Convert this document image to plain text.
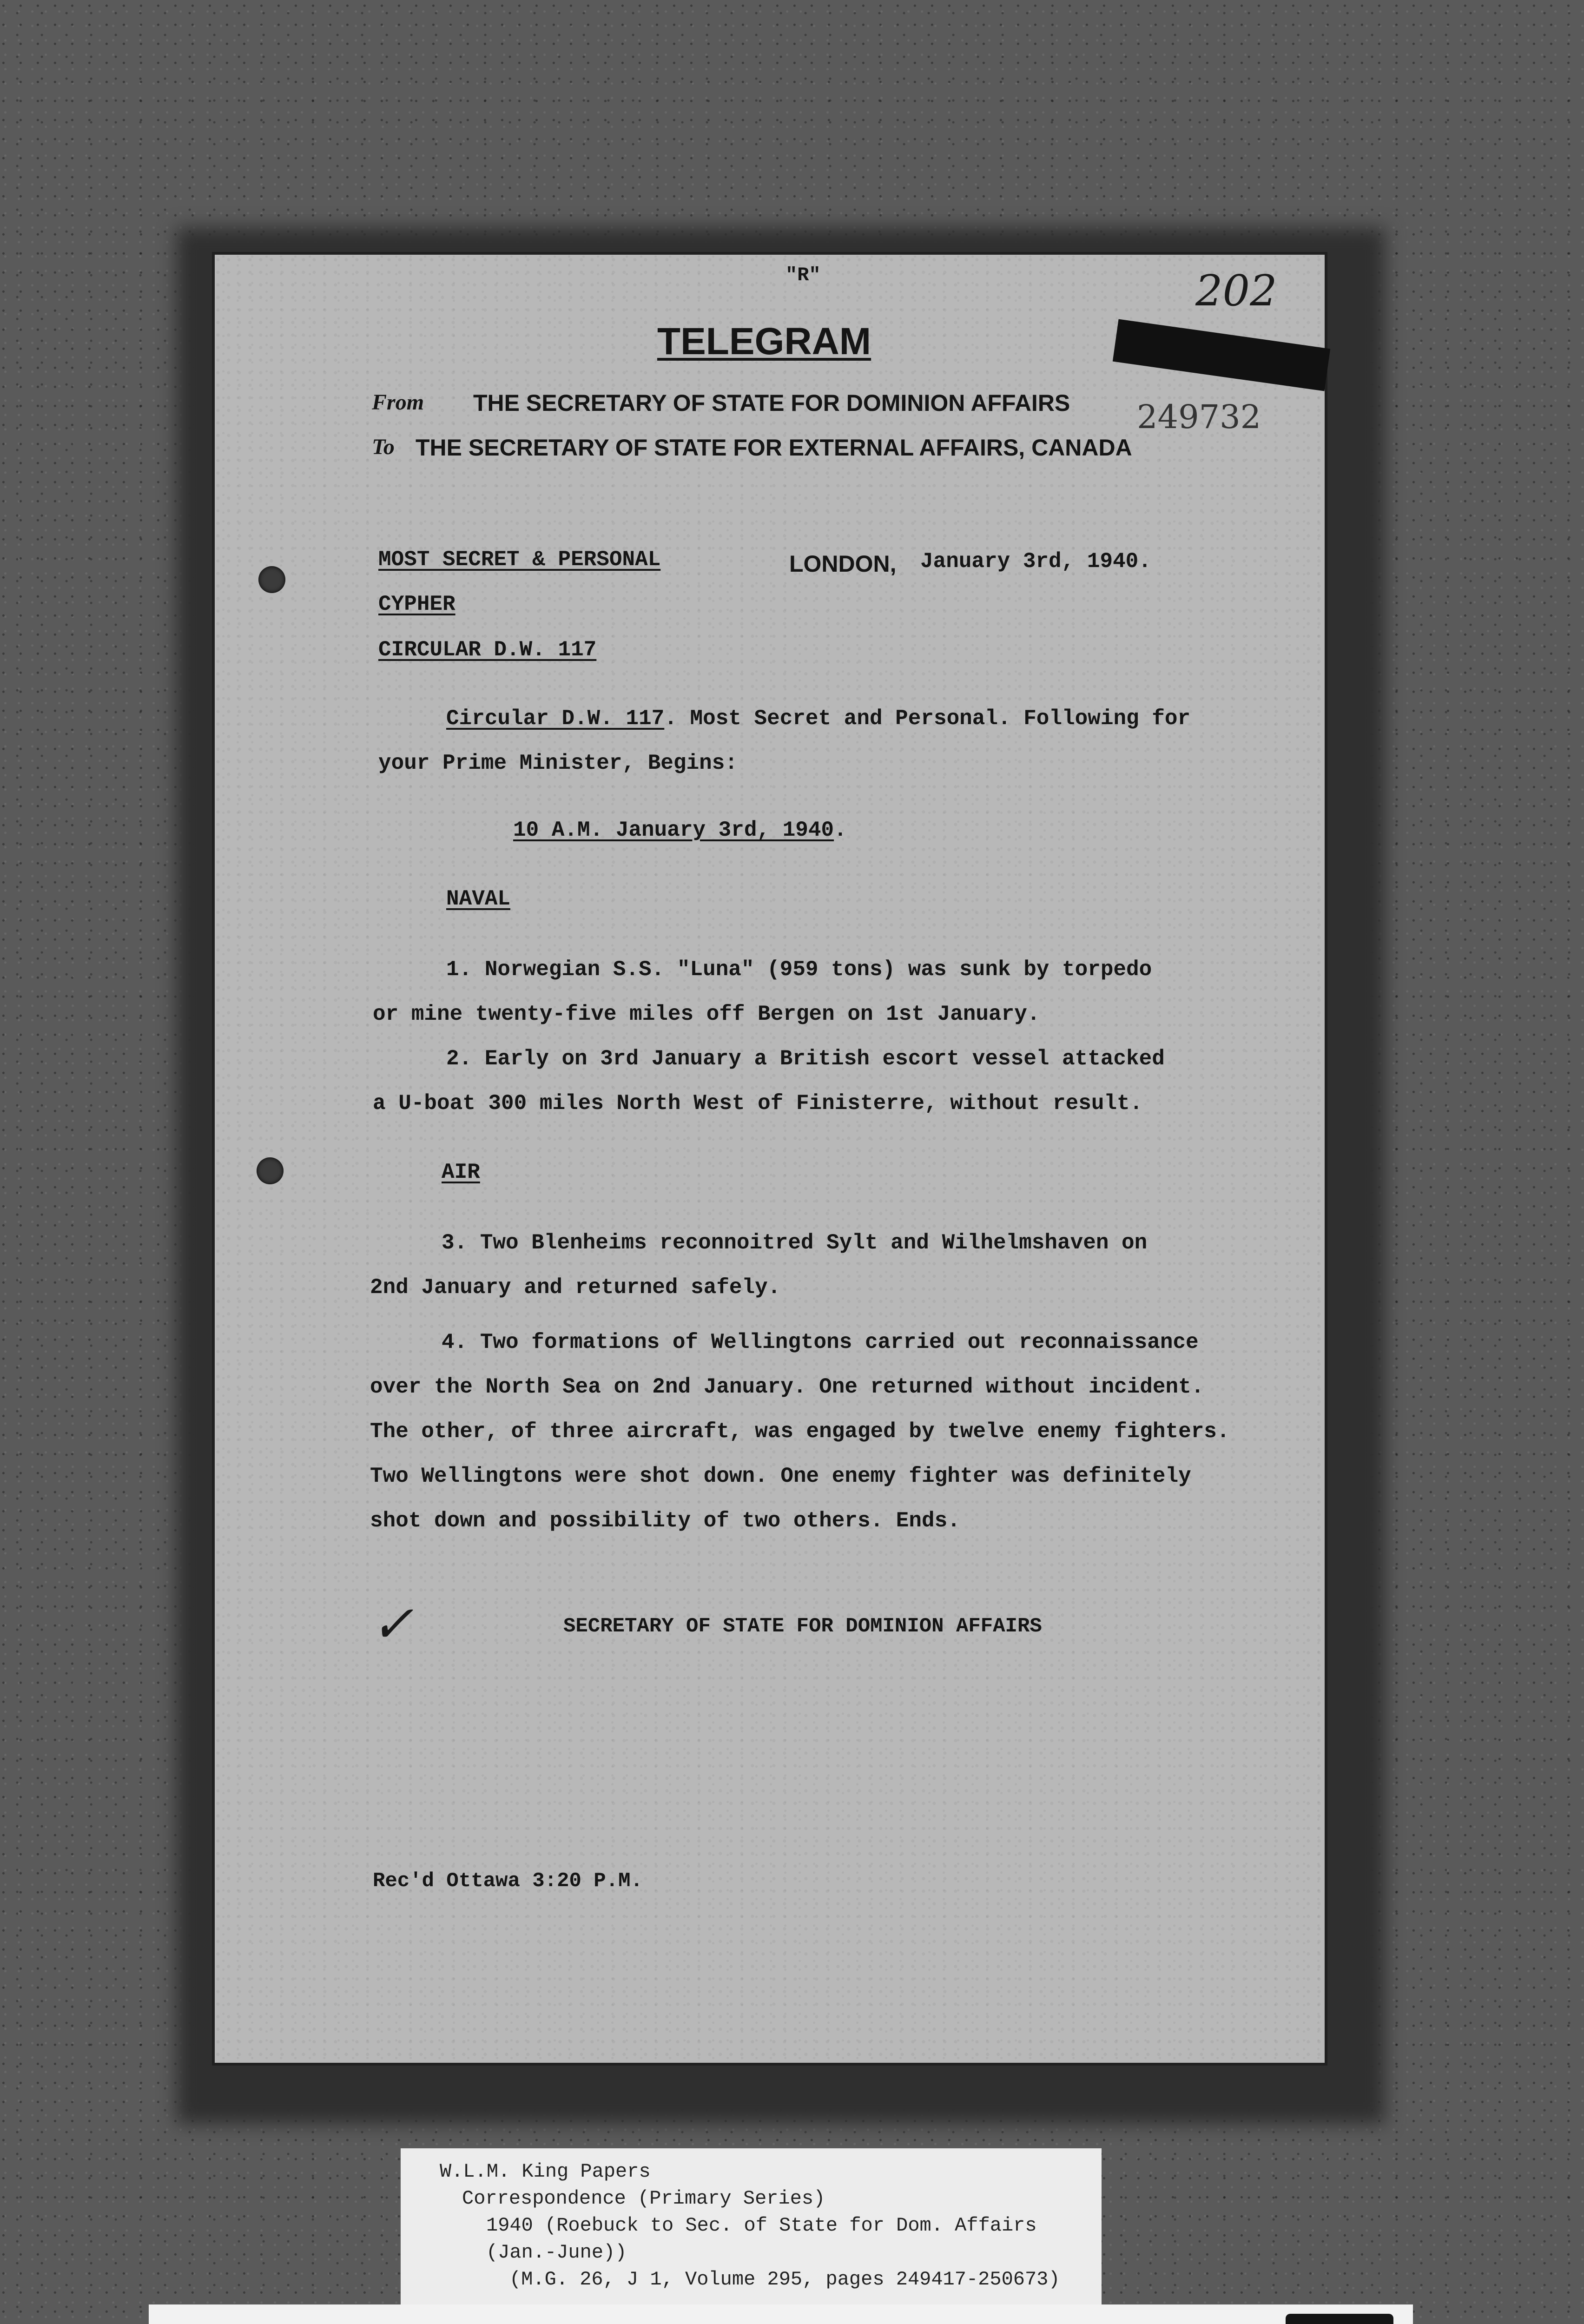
"R"
TELEGRAM
202
From THE SECRETARY OF STATE FOR DOMINION AFFAIRS
To THE SECRETARY OF STATE FOR EXTERNAL AFFAIRS, CANADA
249732
MOST SECRET & PERSONAL	LONDON, January 3rd, 1940.
CYPHER
CIRCULAR D.W. 117
Circular D.W. 117. Most Secret and Personal. Following for
your Prime Minister, Begins:
10 A.M. January 3rd, 1940.
NAVAL
1. Norwegian S.S. "Luna" (959 tons) was sunk by torpedo
or mine twenty-five miles off Bergen on 1st January.
2. Early on 3rd January a British escort vessel attacked
a U-boat 300 miles North West of Finisterre, without result.
AIR
3. Two Blenheims reconnoitred Sylt and Wilhelmshaven on
2nd January and returned safely.
4. Two formations of Wellingtons carried out reconnaissance
over the North Sea on 2nd January. One returned without incident.
The other, of three aircraft, was engaged by twelve enemy fighters.
Two Wellingtons were shot down. One enemy fighter was definitely
shot down and possibility of two others. Ends.
✓	SECRETARY OF STATE FOR DOMINION AFFAIRS
Rec'd Ottawa 3:20 P.M.
W.L.M. King Papers
Correspondence (Primary Series)
1940 (Roebuck to Sec. of State for Dom. Affairs
(Jan.-June))
(M.G. 26, J 1, Volume 295, pages 249417-250673)
